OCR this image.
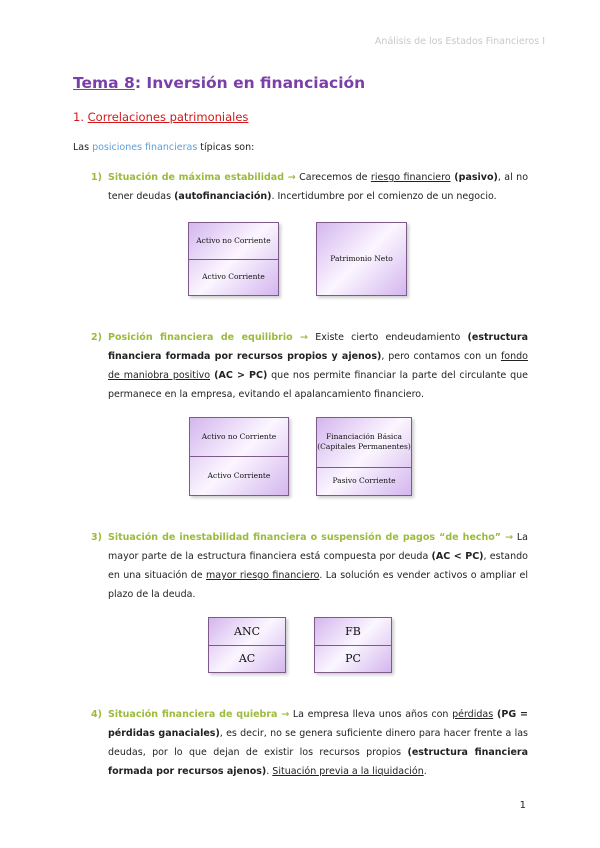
Análisis de los Estados Financieros I
Tema 8: Inversión en financiación
1. Correlaciones patrimoniales
Las posiciones financieras típicas son:
1) Situación de máxima estabilidad → Carecemos de riesgo financiero (pasivo), al no tener deudas (autofinanciación). Incertidumbre por el comienzo de un negocio.
Activo no Corriente
Activo Corriente
Patrimonio Neto
2) Posición financiera de equilibrio → Existe cierto endeudamiento (estructura financiera formada por recursos propios y ajenos), pero contamos con un fondo de maniobra positivo (AC > PC) que nos permite financiar la parte del circulante que permanece en la empresa, evitando el apalancamiento financiero.
Activo no Corriente
Activo Corriente
Financiación Básica (Capitales Permanentes)
Pasivo Corriente
3) Situación de inestabilidad financiera o suspensión de pagos “de hecho” → La mayor parte de la estructura financiera está compuesta por deuda (AC < PC), estando en una situación de mayor riesgo financiero. La solución es vender activos o ampliar el plazo de la deuda.
ANC
AC
FB
PC
4) Situación financiera de quiebra → La empresa lleva unos años con pérdidas (PG = pérdidas ganaciales), es decir, no se genera suficiente dinero para hacer frente a las deudas, por lo que dejan de existir los recursos propios (estructura financiera formada por recursos ajenos). Situación previa a la liquidación.
1
